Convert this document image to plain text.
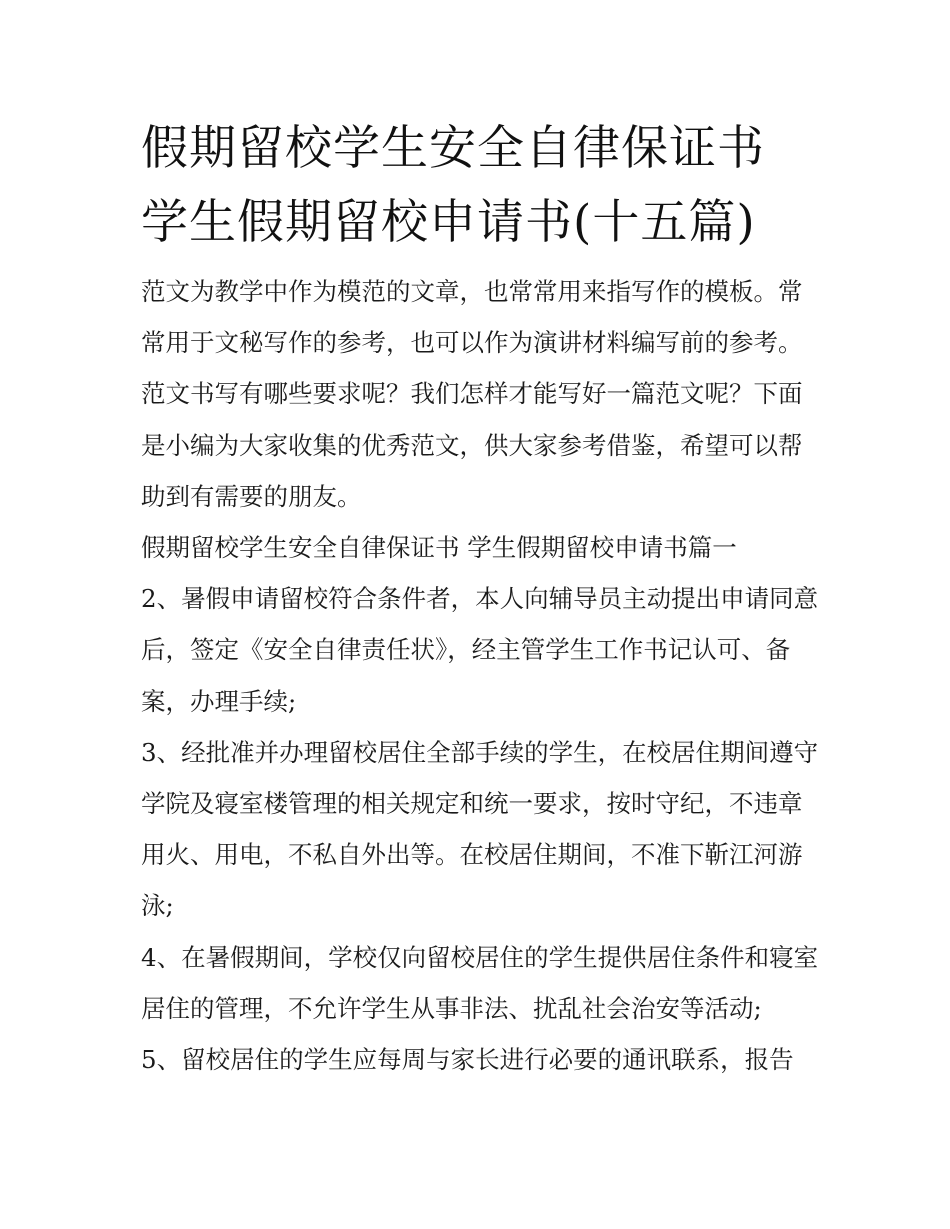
假期留校学生安全自律保证书
学生假期留校申请书(十五篇)

范文为教学中作为模范的文章，也常常用来指写作的模板。常常用于文秘写作的参考，也可以作为演讲材料编写前的参考。范文书写有哪些要求呢？我们怎样才能写好一篇范文呢？下面是小编为大家收集的优秀范文，供大家参考借鉴，希望可以帮助到有需要的朋友。

假期留校学生安全自律保证书 学生假期留校申请书篇一

2、暑假申请留校符合条件者，本人向辅导员主动提出申请同意后，签定《安全自律责任状》，经主管学生工作书记认可、备案，办理手续;

3、经批准并办理留校居住全部手续的学生，在校居住期间遵守学院及寝室楼管理的相关规定和统一要求，按时守纪，不违章用火、用电，不私自外出等。在校居住期间，不准下靳江河游泳;

4、在暑假期间，学校仅向留校居住的学生提供居住条件和寝室居住的管理，不允许学生从事非法、扰乱社会治安等活动;

5、留校居住的学生应每周与家长进行必要的通讯联系，报告
